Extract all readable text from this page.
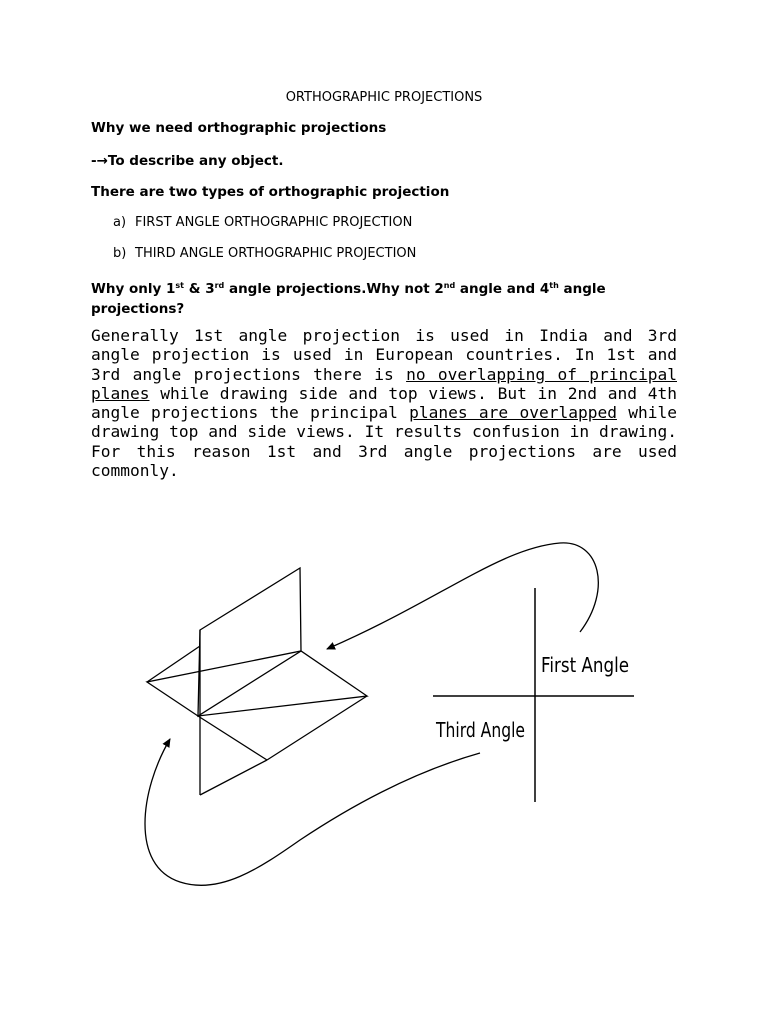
ORTHOGRAPHIC PROJECTIONS
Why we need orthographic projections
-→To describe any object.
There are two types of orthographic projection
a) FIRST ANGLE ORTHOGRAPHIC PROJECTION
b) THIRD ANGLE ORTHOGRAPHIC PROJECTION
Why only 1st & 3rd angle projections.Why not 2nd angle and 4th angle projections?
Generally 1st angle projection is used in India and 3rd angle projection is used in European countries. In 1st and 3rd angle projections there is no overlapping of principal planes while drawing side and top views. But in 2nd and 4th angle projections the principal planes are overlapped while drawing top and side views. It results confusion in drawing. For this reason 1st and 3rd angle projections are used commonly.
First Angle
Third Angle
